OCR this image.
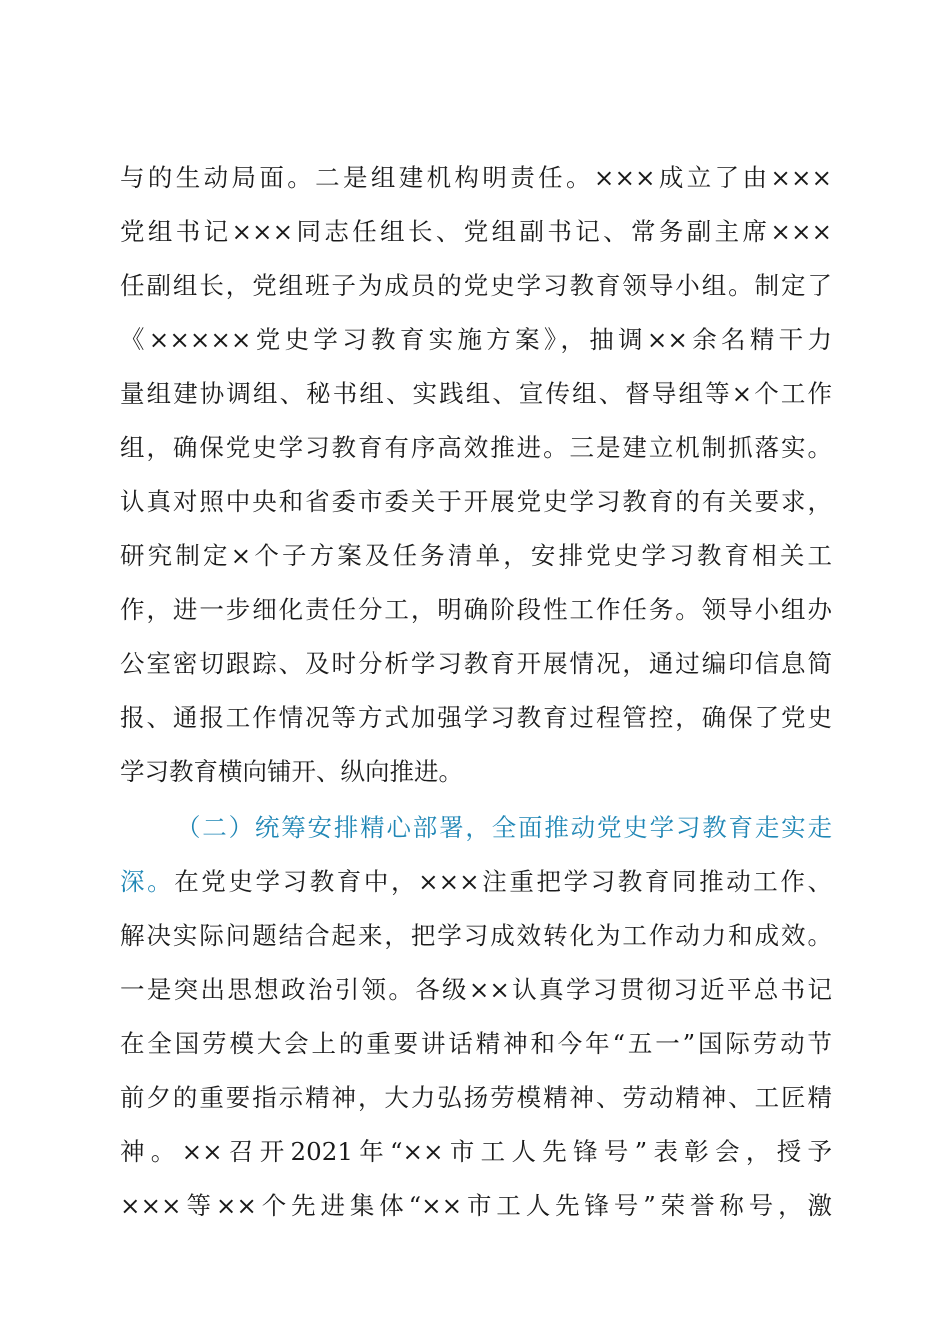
与的生动局面。二是组建机构明责任。×××成立了由×××
党组书记×××同志任组长、党组副书记、常务副主席×××
任副组长，党组班子为成员的党史学习教育领导小组。制定了
《×××××党史学习教育实施方案》，抽调××余名精干力
量组建协调组、秘书组、实践组、宣传组、督导组等×个工作
组，确保党史学习教育有序高效推进。三是建立机制抓落实。
认真对照中央和省委市委关于开展党史学习教育的有关要求，
研究制定×个子方案及任务清单，安排党史学习教育相关工
作，进一步细化责任分工，明确阶段性工作任务。领导小组办
公室密切跟踪、及时分析学习教育开展情况，通过编印信息简
报、通报工作情况等方式加强学习教育过程管控，确保了党史
学习教育横向铺开、纵向推进。
（二）统筹安排精心部署，全面推动党史学习教育走实走
深。在党史学习教育中，×××注重把学习教育同推动工作、
解决实际问题结合起来，把学习成效转化为工作动力和成效。
一是突出思想政治引领。各级××认真学习贯彻习近平总书记
在全国劳模大会上的重要讲话精神和今年“五一”国际劳动节
前夕的重要指示精神，大力弘扬劳模精神、劳动精神、工匠精
神。××召开2021年“××市工人先锋号”表彰会，授予
×××等××个先进集体“××市工人先锋号”荣誉称号，激
